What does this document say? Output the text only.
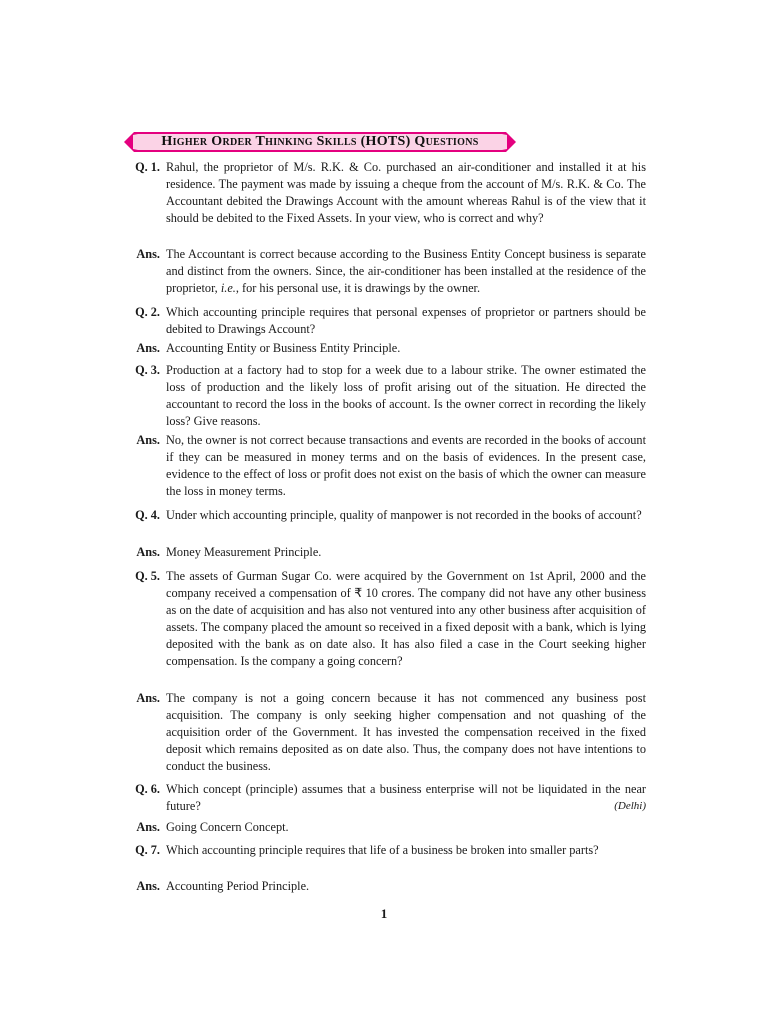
Higher Order Thinking Skills (HOTS) Questions
Q. 1. Rahul, the proprietor of M/s. R.K. & Co. purchased an air-conditioner and installed it at his residence. The payment was made by issuing a cheque from the account of M/s. R.K. & Co. The Accountant debited the Drawings Account with the amount whereas Rahul is of the view that it should be debited to the Fixed Assets. In your view, who is correct and why?
Ans. The Accountant is correct because according to the Business Entity Concept business is separate and distinct from the owners. Since, the air-conditioner has been installed at the residence of the proprietor, i.e., for his personal use, it is drawings by the owner.
Q. 2. Which accounting principle requires that personal expenses of proprietor or partners should be debited to Drawings Account?
Ans. Accounting Entity or Business Entity Principle.
Q. 3. Production at a factory had to stop for a week due to a labour strike. The owner estimated the loss of production and the likely loss of profit arising out of the situation. He directed the accountant to record the loss in the books of account. Is the owner correct in recording the likely loss? Give reasons.
Ans. No, the owner is not correct because transactions and events are recorded in the books of account if they can be measured in money terms and on the basis of evidences. In the present case, evidence to the effect of loss or profit does not exist on the basis of which the owner can measure the loss in money terms.
Q. 4. Under which accounting principle, quality of manpower is not recorded in the books of account?
Ans. Money Measurement Principle.
Q. 5. The assets of Gurman Sugar Co. were acquired by the Government on 1st April, 2000 and the company received a compensation of ₹ 10 crores. The company did not have any other business as on the date of acquisition and has also not ventured into any other business after acquisition of assets. The company placed the amount so received in a fixed deposit with a bank, which is lying deposited with the bank as on date also. It has also filed a case in the Court seeking higher compensation. Is the company a going concern?
Ans. The company is not a going concern because it has not commenced any business post acquisition. The company is only seeking higher compensation and not quashing of the acquisition order of the Government. It has invested the compensation received in the fixed deposit which remains deposited as on date also. Thus, the company does not have intentions to conduct the business.
Q. 6. Which concept (principle) assumes that a business enterprise will not be liquidated in the near future?	(Delhi)
Ans. Going Concern Concept.
Q. 7. Which accounting principle requires that life of a business be broken into smaller parts?
Ans. Accounting Period Principle.
1
